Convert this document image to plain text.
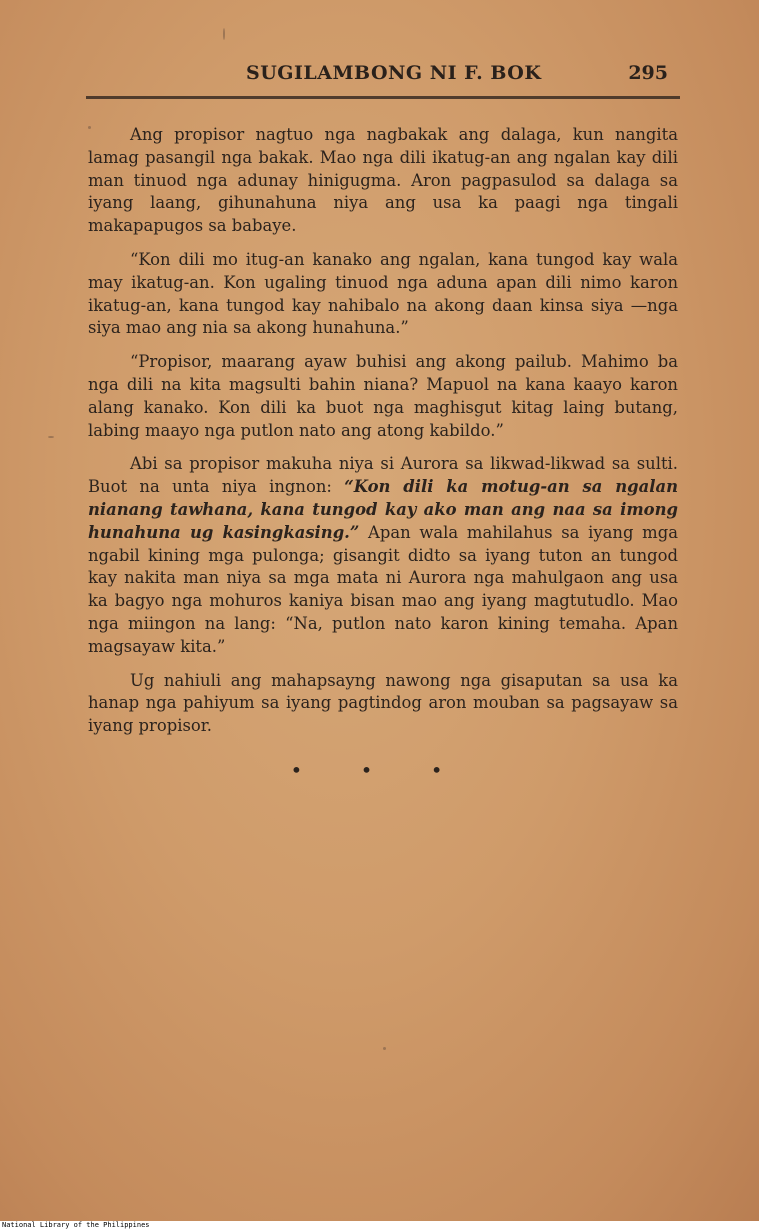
SUGILAMBONG NI F. BOK	295

Ang propisor nagtuo nga nagbakak ang dalaga, kun nangita lamag pasangil nga bakak. Mao nga dili ikatug-an ang ngalan kay dili man tinuod nga adunay hinigugma. Aron pagpasulod sa dalaga sa iyang laang, gihunahuna niya ang usa ka paagi nga tingali makapapugos sa babaye.

“Kon dili mo itug-an kanako ang ngalan, kana tungod kay wala may ikatug-an. Kon ugaling tinuod nga aduna apan dili nimo karon ikatug-an, kana tungod kay nahibalo na akong daan kinsa siya —nga siya mao ang nia sa akong hunahuna.”

“Propisor, maarang ayaw buhisi ang akong pailub. Mahimo ba nga dili na kita magsulti bahin niana? Mapuol na kana kaayo karon alang kanako. Kon dili ka buot nga maghisgut kitag laing butang, labing maayo nga putlon nato ang atong kabildo.”

Abi sa propisor makuha niya si Aurora sa likwad-likwad sa sulti. Buot na unta niya ingnon: “Kon dili ka motug-an sa ngalan nianang tawhana, kana tungod kay ako man ang naa sa imong hunahuna ug kasingkasing.” Apan wala mahilahus sa iyang mga ngabil kining mga pulonga; gisangit didto sa iyang tuton an tungod kay nakita man niya sa mga mata ni Aurora nga mahulgaon ang usa ka bagyo nga mohuros kaniya bisan mao ang iyang magtutudlo. Mao nga miingon na lang: “Na, putlon nato karon kining temaha. Apan magsayaw kita.”

Ug nahiuli ang mahapsayng nawong nga gisaputan sa usa ka hanap nga pahiyum sa iyang pagtindog aron mouban sa pagsayaw sa iyang propisor.

• • •
National Library of the Philippines
